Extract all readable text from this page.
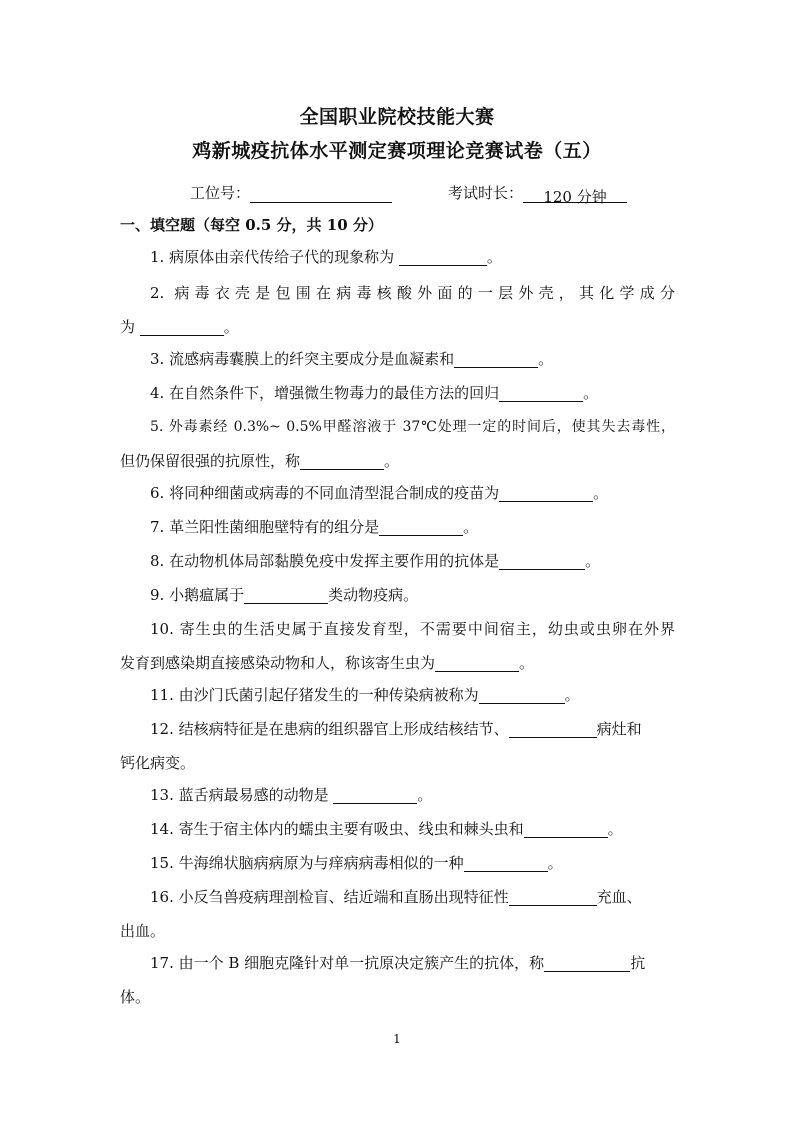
全国职业院校技能大赛
鸡新城疫抗体水平测定赛项理论竞赛试卷（五）
工位号：	考试时长： 120 分钟
一、填空题（每空 0.5 分，共 10 分）
1. 病原体由亲代传给子代的现象称为	。
2. 病毒衣壳是包围在病毒核酸外面的一层外壳，其化学成分
为	。
3. 流感病毒囊膜上的纤突主要成分是血凝素和	。
4. 在自然条件下，增强微生物毒力的最佳方法的回归	。
5. 外毒素经 0.3%~ 0.5%甲醛溶液于 37℃处理一定的时间后，使其失去毒性，
但仍保留很强的抗原性，称	。
6. 将同种细菌或病毒的不同血清型混合制成的疫苗为	。
7. 革兰阳性菌细胞壁特有的组分是	。
8. 在动物机体局部黏膜免疫中发挥主要作用的抗体是	。
9. 小鹅瘟属于	类动物疫病。
10. 寄生虫的生活史属于直接发育型，不需要中间宿主，幼虫或虫卵在外界
发育到感染期直接感染动物和人，称该寄生虫为	。
11. 由沙门氏菌引起仔猪发生的一种传染病被称为	。
12. 结核病特征是在患病的组织器官上形成结核结节、	病灶和
钙化病变。
13. 蓝舌病最易感的动物是	。
14. 寄生于宿主体内的蠕虫主要有吸虫、线虫和棘头虫和	。
15. 牛海绵状脑病病原为与痒病病毒相似的一种	。
16. 小反刍兽疫病理剖检盲、结近端和直肠出现特征性	充血、
出血。
17. 由一个 B 细胞克隆针对单一抗原决定簇产生的抗体，称	抗
体。
1
